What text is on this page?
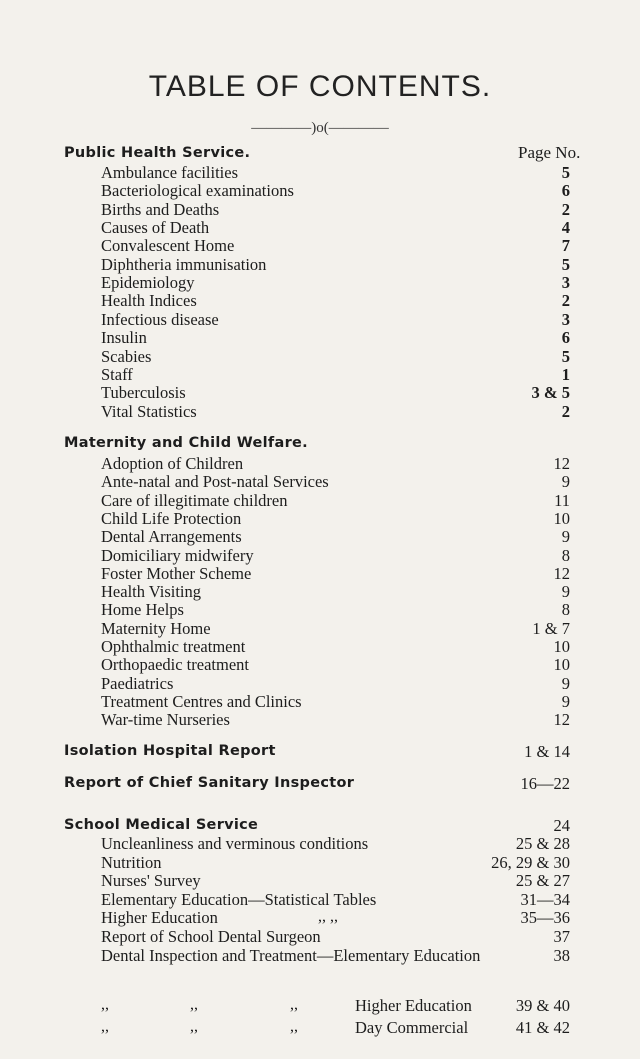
TABLE OF CONTENTS.
————)o(————
Public Health Service.	Page No.
Ambulance facilities	5
Bacteriological examinations	6
Births and Deaths	2
Causes of Death	4
Convalescent Home	7
Diphtheria immunisation	5
Epidemiology	3
Health Indices	2
Infectious disease	3
Insulin	6
Scabies	5
Staff	1
Tuberculosis	3 & 5
Vital Statistics	2
Maternity and Child Welfare.
Adoption of Children	12
Ante-natal and Post-natal Services	9
Care of illegitimate children	11
Child Life Protection	10
Dental Arrangements	9
Domiciliary midwifery	8
Foster Mother Scheme	12
Health Visiting	9
Home Helps	8
Maternity Home	1 & 7
Ophthalmic treatment	10
Orthopaedic treatment	10
Paediatrics	9
Treatment Centres and Clinics	9
War-time Nurseries	12
Isolation Hospital Report	1 & 14
Report of Chief Sanitary Inspector	16—22
School Medical Service	24
Uncleanliness and verminous conditions	25 & 28
Nutrition	26, 29 & 30
Nurses' Survey	25 & 27
Elementary Education—Statistical Tables	31—34
Higher Education	,, ,,	35—36
Report of School Dental Surgeon	37
Dental Inspection and Treatment—Elementary Education	38
,,	,,	,,	Higher Education	39 & 40
,,	,,	,,	Day Commercial	41 & 42
